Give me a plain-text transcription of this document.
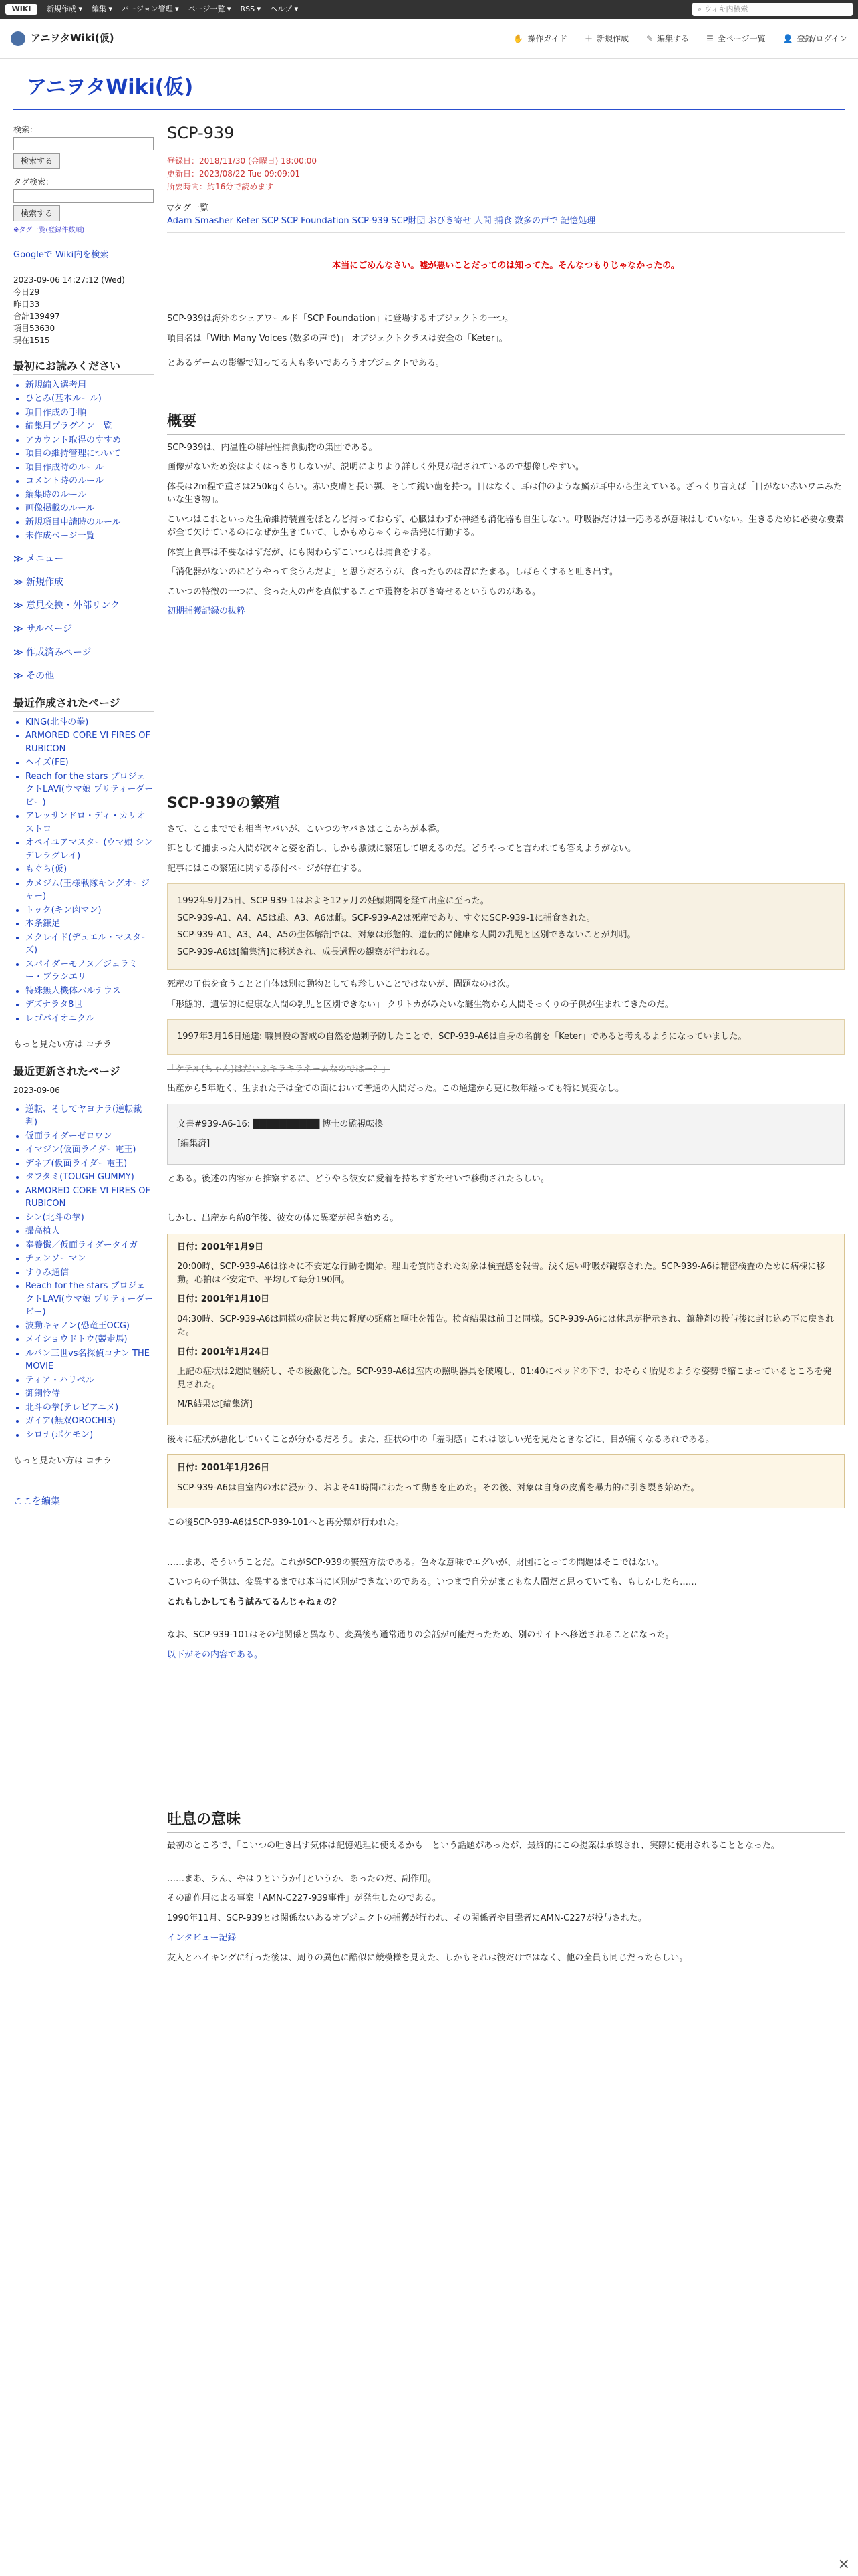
WIKI	新規作成 ▾ 編集 ▾ バージョン管理 ▾ ページ一覧 ▾ RSS ▾ ヘルプ ▾	⌕ ウィキ内検索
アニヲタWiki(仮)	✋ 操作ガイド ＋ 新規作成 ✎ 編集する ☰ 全ページ一覧 👤 登録/ログイン
アニヲタWiki(仮)
検索：
検索する
タグ検索：
検索する
※タグ一覧(登録件数順)
Googleで Wiki内を検索
2023-09-06 14:27:12 (Wed)
今日29
昨日33
合計139497
項目53630
現在1515
最初にお読みください
• 新規編入選考用
• ひとみ(基本ルール)
• 項目作成の手順
• 編集用プラグイン一覧
• アカウント取得のすすめ
• 項目の維持管理について
• 項目作成時のルール
• コメント時のルール
• 編集時のルール
• 画像掲載のルール
• 新規項目申請時のルール
• 未作成ページ一覧
≫ メニュー
≫ 新規作成
≫ 意見交換・外部リンク
≫ サルベージ
≫ 作成済みページ
≫ その他
最近作成されたページ
• KING(北斗の拳)
• ARMORED CORE VI FIRES OF RUBICON
• ヘイズ(FE)
• Reach for the stars プロジェクトLAVi(ウマ娘 プリティーダービー)
• アレッサンドロ・ディ・カリオストロ
• オペイユアマスター(ウマ娘 シンデレラグレイ)
• もぐら(仮)
• カメジム(王様戦隊キングオージャー)
• トック(キン肉マン)
• 本条鎌足
• メクレイド(デュエル・マスターズ)
• スパイダーモノヌ／ジェラミー・ブラシエリ
• 特殊無人機体パルテウス
• デズナラタ8世
• レゴバイオニクル
もっと見たい方は コチラ
最近更新されたページ
2023-09-06
• 逆転、そしてヤヨナラ(逆転裁判)
• 仮面ライダーゼロワン
• イマジン(仮面ライダー電王)
• デネブ(仮面ライダー電王)
• タフタミ(TOUGH GUMMY)
• ARMORED CORE VI FIRES OF RUBICON
• シン(北斗の拳)
• 撮高植人
• 奉養懺／仮面ライダータイガ
• チェンソーマン
• すりみ通信
• Reach for the stars プロジェクトLAVi(ウマ娘 プリティーダービー)
• 波動キャノン(恐竜王OCG)
• メイショウドトウ(競走馬)
• ルパン三世vs名探偵コナン THE MOVIE
• ティア・ハリベル
• 御剣怜侍
• 北斗の拳(テレビアニメ)
• ガイア(無双OROCHI3)
• シロナ(ポケモン)
もっと見たい方は コチラ
ここを編集
SCP-939
登録日：2018/11/30 (金曜日) 18:00:00
更新日：2023/08/22 Tue 09:09:01
所要時間：約16分で読めます
▽タグ一覧
Adam Smasher Keter SCP SCP Foundation SCP-939 SCP財団 おびき寄せ 人間 捕食 数多の声で 記憶処理
本当にごめんなさい。嘘が悪いことだってのは知ってた。そんなつもりじゃなかったの。

SCP-939は海外のシェアワールド「SCP Foundation」に登場するオブジェクトの一つ。

項目名は「With Many Voices (数多の声で)」 オブジェクトクラスは安全の「Keter」。

とあるゲームの影響で知ってる人も多いであろうオブジェクトである。

概要

SCP-939は、内温性の群居性捕食動物の集団である。

画像がないため姿はよくはっきりしないが、説明によりより詳しく外見が記されているので想像しやすい。

体長は2m程で重さは250kgくらい。赤い皮膚と長い顎、そして鋭い歯を持つ。目はなく、耳は仲のような鱗が耳中から生えている。ざっくり言えば「目がない赤いワニみたいな生き物」。

こいつはこれといった生命維持装置をほとんど持っておらず、心臓はわずか神経も消化器も自生しない。呼吸器だけは一応あるが意味はしていない。生きるために必要な要素が全て欠けているのになぜか生きていて、しかもめちゃくちゃ活発に行動する。

体質上食事は不要なはずだが、にも関わらずこいつらは捕食をする。

「消化器がないのにどうやって食うんだよ」と思うだろうが、食ったものは胃にたまる。しばらくすると吐き出す。

こいつの特徴の一つに、食った人の声を真似することで獲物をおびき寄せるというものがある。

初期捕獲記録の抜粋

SCP-939の繁殖

さて、ここまででも相当ヤバいが、こいつのヤバさはここからが本番。

餌として捕まった人間が次々と姿を消し、しかも激減に繁殖して増えるのだ。どうやってと言われても答えようがない。

記事にはこの繁殖に関する添付ページが存在する。

1992年9月25日、SCP-939-1はおよそ12ヶ月の妊娠期間を経て出産に至った。

SCP-939-A1、A4、A5は雄、A3、A6は雌。SCP-939-A2は死産であり、すぐにSCP-939-1に捕食された。

SCP-939-A1、A3、A4、A5の生体解剖では、対象は形態的、遺伝的に健康な人間の乳児と区別できないことが判明。

SCP-939-A6は[編集済]に移送され、成長過程の観察が行われる。

死産の子供を食うことと自体は別に動物としても珍しいことではないが、問題なのは次。

「形態的、遺伝的に健康な人間の乳児と区別できない」 クリトカがみたいな謎生物から人間そっくりの子供が生まれてきたのだ。

1997年3月16日通達: 職員慢の警戒の自然を過剰予防したことで、SCP-939-A6は自身の名前を「Keter」であると考えるようになっていました。

「ケテル(ちゃん)はだいふキラキラネームなのではー？」

出産から5年近く、生まれた子は全ての面において普通の人間だった。この通達から更に数年経っても特に異変なし。

文書#939-A6-16: ██████████ 博士の監視転換

[編集済]

とある。後述の内容から推察するに、どうやら彼女に愛着を持ちすぎたせいで移動されたらしい。

しかし、出産から約8年後、彼女の体に異変が起き始める。

日付: 2001年1月9日

20:00時、SCP-939-A6は徐々に不安定な行動を開始。理由を質問された対象は検査感を報告。浅く速い呼吸が観察された。SCP-939-A6は精密検査のために病棟に移動。心拍は不安定で、平均して毎分190回。

日付: 2001年1月10日

04:30時、SCP-939-A6は同様の症状と共に軽度の頭痛と嘔吐を報告。検査結果は前日と同様。SCP-939-A6には休息が指示され、鎮静剤の投与後に封じ込め下に戻された。

日付: 2001年1月24日

上記の症状は2週間継続し、その後激化した。SCP-939-A6は室内の照明器具を破壊し、01:40にベッドの下で、おそらく胎児のような姿勢で縮こまっているところを発見された。

M/R結果は[編集済]

後々に症状が悪化していくことが分かるだろう。また、症状の中の「羞明感」これは眩しい光を見たときなどに、目が痛くなるあれである。

日付: 2001年1月26日

SCP-939-A6は自室内の水に浸かり、およそ41時間にわたって動きを止めた。その後、対象は自身の皮膚を暴力的に引き裂き始めた。

この後SCP-939-A6はSCP-939-101へと再分類が行われた。

……まあ、そういうことだ。これがSCP-939の繁殖方法である。色々な意味でエグいが、財団にとっての問題はそこではない。

こいつらの子供は、変異するまでは本当に区別ができないのである。いつまで自分がまともな人間だと思っていても、もしかしたら……

これもしかしてもう試みてるんじゃねぇの？

なお、SCP-939-101はその他関係と異なり、変異後も通常通りの会話が可能だったため、別のサイトへ移送されることになった。

以下がその内容である。

吐息の意味

最初のところで、「こいつの吐き出す気体は記憶処理に使えるかも」という話題があったが、最終的にこの提案は承認され、実際に使用されることとなった。

……まあ、ラん、やはりというか何というか、あったのだ、副作用。

その副作用による事案「AMN-C227-939事件」が発生したのである。

1990年11月、SCP-939とは関係ないあるオブジェクトの捕獲が行われ、その関係者や目撃者にAMN-C227が投与された。

インタビュー記録

友人とハイキングに行った後は、周りの異色に酷似に競模様を見えた、しかもそれは彼だけではなく、他の全員も同じだったらしい。

✕
